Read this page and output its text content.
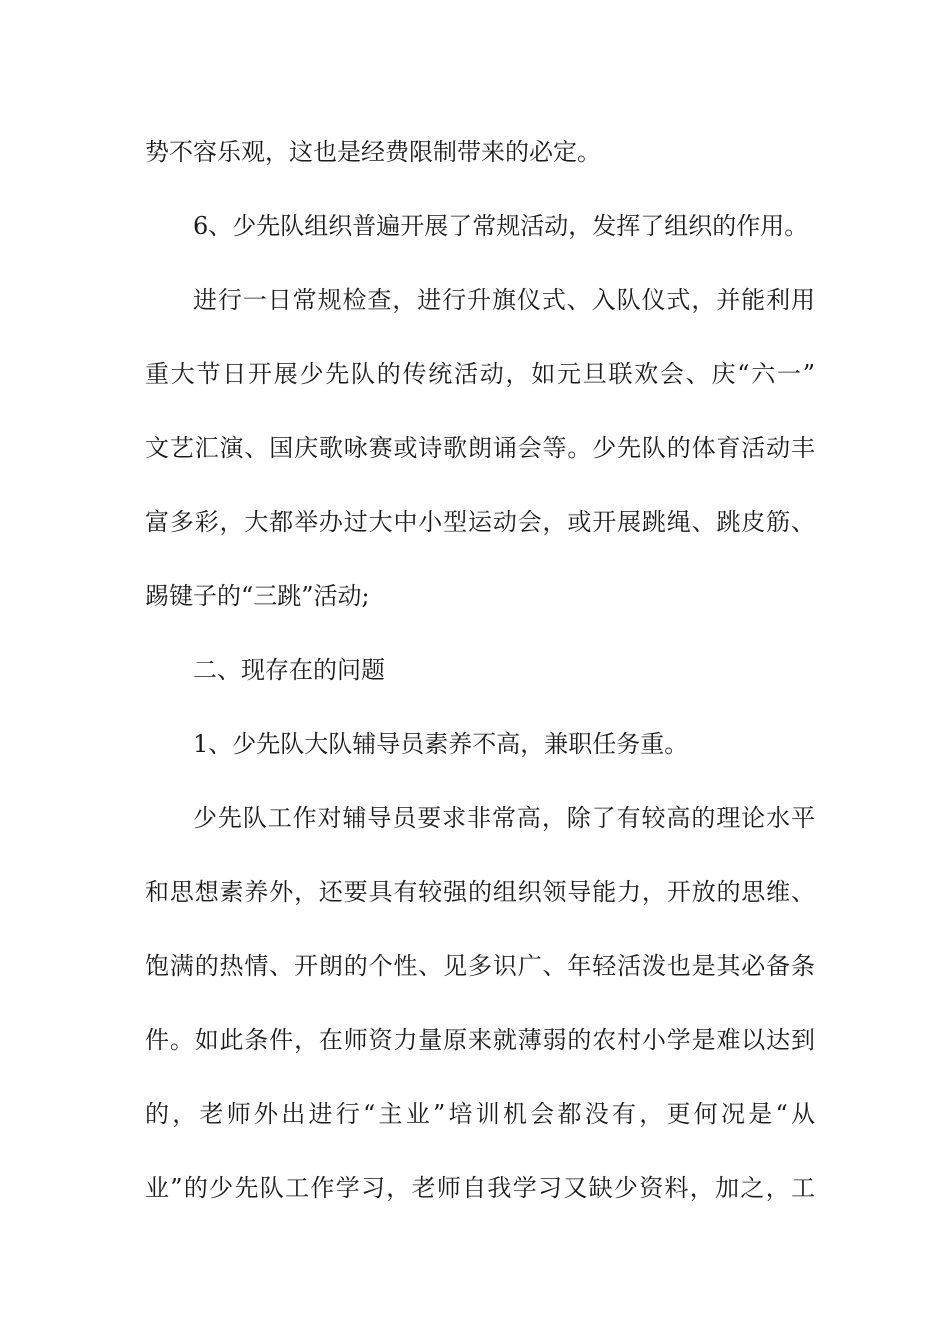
势不容乐观，这也是经费限制带来的必定。
6、少先队组织普遍开展了常规活动，发挥了组织的作用。
进行一日常规检查，进行升旗仪式、入队仪式，并能利用
重大节日开展少先队的传统活动，如元旦联欢会、庆“六一”
文艺汇演、国庆歌咏赛或诗歌朗诵会等。少先队的体育活动丰
富多彩，大都举办过大中小型运动会，或开展跳绳、跳皮筋、
踢键子的“三跳”活动;
二、现存在的问题
1、少先队大队辅导员素养不高，兼职任务重。
少先队工作对辅导员要求非常高，除了有较高的理论水平
和思想素养外，还要具有较强的组织领导能力，开放的思维、
饱满的热情、开朗的个性、见多识广、年轻活泼也是其必备条
件。如此条件，在师资力量原来就薄弱的农村小学是难以达到
的，老师外出进行“主业”培训机会都没有，更何况是“从
业”的少先队工作学习，老师自我学习又缺少资料，加之，工
